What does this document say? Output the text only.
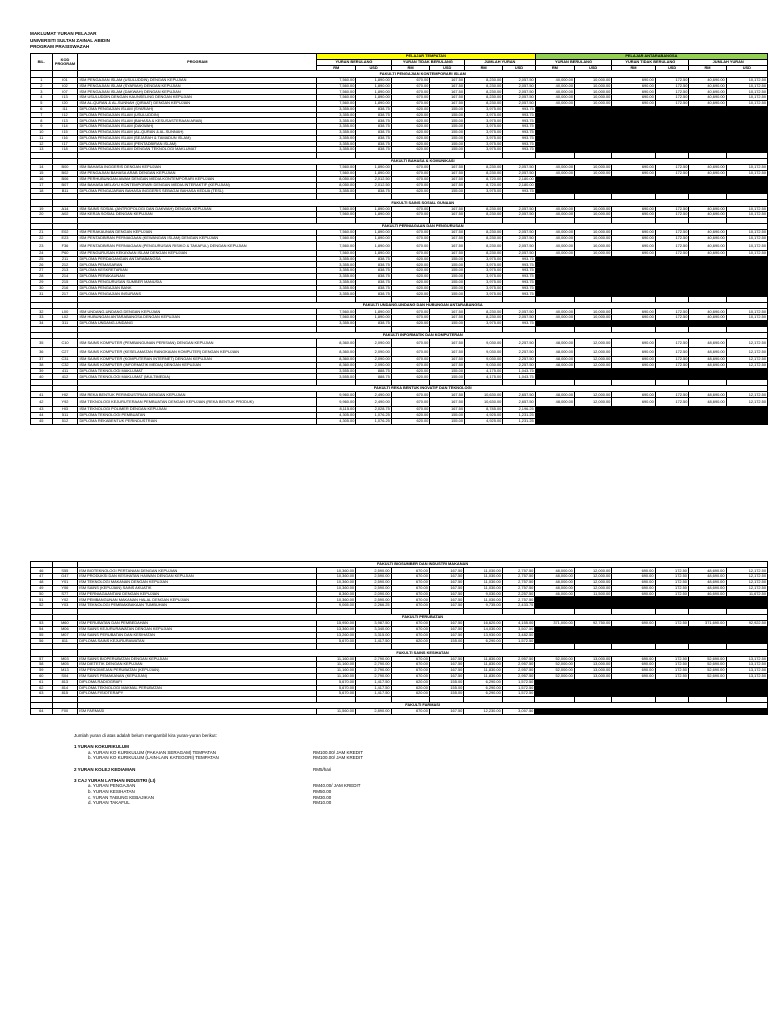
MAKLUMAT YURAN PELAJAR
UNIVERSITI SULTAN ZAINAL ABIDIN
PROGRAM PRASISWAZAH
BIL.	KOD PROGRAM	PROGRAM	PELAJAR TEMPATAN						PELAJAR ANTARABANGSA					
			YURAN BERULANG		YURAN TIDAK BERULANG		JUMLAH YURAN		YURAN BERULANG		YURAN TIDAK BERULANG		JUMLAH YURAN	
			RM	USD	RM	USD	RM	USD	RM	USD	RM	USD	RM	USD
		FAKULTI PENGAJIAN KONTEMPORARI ISLAM												
1	I01	ISM PENGAJIAN ISLAM (USULUDDIN) DENGAN KEPUJIAN	7,560.00	1,890.00	670.00	167.50	8,230.00	2,057.50	40,000.00	10,000.00	690.00	172.50	40,690.00	10,172.50
2	I02	ISM PENGAJIAN ISLAM (SYARIAH) DENGAN KEPUJIAN	7,560.00	1,890.00	670.00	167.50	8,230.00	2,057.50	40,000.00	10,000.00	690.00	172.50	40,690.00	10,172.50
3	I07	ISM PENGAJIAN ISLAM (DAKWAH) DENGAN KEPUJIAN	7,560.00	1,890.00	670.00	167.50	8,230.00	2,057.50	40,000.00	10,000.00	690.00	172.50	40,690.00	10,172.50
4	I13	ISM USULUDDIN DENGAN KAUNSELING DENGAN KEPUJIAN	7,560.00	1,890.00	670.00	167.50	8,230.00	2,057.50	40,000.00	10,000.00	690.00	172.50	40,690.00	10,172.50
5	I20	ISM AL-QURAN & AL-SUNNAH (QIRAAT) DENGAN KEPUJIAN	7,560.00	1,890.00	670.00	167.50	8,230.00	2,057.50	40,000.00	10,000.00	690.00	172.50	40,690.00	10,172.50
6	I11	DIPLOMA PENGAJIAN ISLAM (SYARIAH)	3,355.00	838.75	620.00	155.00	3,975.00	993.75						
7	I12	DIPLOMA PENGAJIAN ISLAM (USULUDDIN)	3,355.00	838.75	620.00	155.00	3,975.00	993.75						
8	I13	DIPLOMA PENGAJIAN ISLAM (BAHASA & KESUSASTERAAN ARAB)	3,355.00	838.75	620.00	155.00	3,975.00	993.75						
9	I14	DIPLOMA PENGAJIAN ISLAM (DAKWAH)	3,355.00	838.75	620.00	155.00	3,975.00	993.75						
10	I15	DIPLOMA PENGAJIAN ISLAM (AL-QURAN & AL-SUNNAH)	3,355.00	838.75	620.00	155.00	3,975.00	993.75						
11	I16	DIPLOMA PENGAJIAN ISLAM (SEJARAH & TAMADUN ISLAM)	3,355.00	838.75	620.00	155.00	3,975.00	993.75						
12	I17	DIPLOMA PENGAJIAN ISLAM (PENTADBIRAN ISLAM)	3,355.00	838.75	620.00	155.00	3,975.00	993.75						
13	I18	DIPLOMA PENGAJIAN ISLAM DENGAN TEKNOLOGI MAKLUMAT	3,355.00	838.75	620.00	155.00	3,975.00	993.75						

		FAKULTI BAHASA & KOMUNIKASI												
14	B00	ISM BAHASA INGGERIS DENGAN KEPUJIAN	7,560.00	1,890.00	670.00	167.50	8,230.00	2,057.50	40,000.00	10,000.00	690.00	172.50	40,690.00	10,172.50
15	B02	ISM PENGAJIAN BAHASA ARAB DENGAN KEPUJIAN	7,560.00	1,890.00	670.00	167.50	8,230.00	2,057.50	40,000.00	10,000.00	690.00	172.50	40,690.00	10,172.50
16	B06	ISM PERHUBUNGAN AWAM DENGAN MEDIA KONTEMPORARI KEPUJIAN	8,050.00	2,012.50	670.00	167.50	8,720.00	2,180.00						
17	B07	ISM BAHASA MELAYU KONTEMPORARI DENGAN MEDIA INTERAKTIF (KEPUJIAN)	8,050.00	2,012.50	670.00	167.50	8,720.00	2,180.00						
18	B11	DIPLOMA PENGAJARAN BAHASA INGGERIS SEBAGAI BAHASA KEDUA (TESL)	3,355.00	838.75	620.00	155.00	3,975.00	993.75						

		FAKULTI SAINS SOSIAL GUNAAN												
19	A14	ISM SAINS SOSIAL (ANTROPOLOGI DAN DAKWAH) DENGAN KEPUJIAN	7,560.00	1,890.00	670.00	167.50	8,230.00	2,057.50	40,000.00	10,000.00	690.00	172.50	40,690.00	10,172.50
20	A02	ISM KERJA SOSIAL DENGAN KEPUJIAN	7,560.00	1,890.00	670.00	167.50	8,230.00	2,057.50	40,000.00	10,000.00	690.00	172.50	40,690.00	10,172.50

		FAKULTI PERNIAGAAN DAN PENGURUSAN												
21	E02	ISM PERAKAUNAN DENGAN KEPUJIAN	7,560.00	1,890.00	670.00	167.50	8,230.00	2,057.50	40,000.00	10,000.00	690.00	172.50	40,690.00	10,172.50
22	E23	ISM PENTADBIRAN PERNIAGAAN (KEWANGAN ISLAM) DENGAN KEPUJIAN	7,560.00	1,890.00	670.00	167.50	8,230.00	2,057.50	40,000.00	10,000.00	690.00	172.50	40,690.00	10,172.50
23	F36	ISM PENTADBIRAN PERNIAGAAN (PENGURUSAN RISIKO & TAKAFUL) DENGAN KEPUJIAN	7,560.00	1,890.00	670.00	167.50	8,230.00	2,057.50	40,000.00	10,000.00	690.00	172.50	40,690.00	10,172.50
24	P60	ISM PENGURUSAN KEKAYAAN ISLAM DENGAN KEPUJIAN	7,560.00	1,890.00	670.00	167.50	8,230.00	2,057.50	40,000.00	10,000.00	690.00	172.50	40,690.00	10,172.50
25	211	DIPLOMA PERDAGANGAN ANTARABANGSA	3,355.00	838.75	620.00	155.00	3,975.00	993.75						
26	212	DIPLOMA PEMASARAN	3,355.00	838.75	620.00	155.00	3,975.00	993.75						
27	213	DIPLOMA KESKRETARIAN	3,355.00	838.75	620.00	155.00	3,975.00	993.75						
28	214	DIPLOMA PERAKAUNAN	3,355.00	838.75	620.00	155.00	3,975.00	993.75						
29	215	DIPLOMA PENGURUSAN SUMBER MANUSIA	3,355.00	838.75	620.00	155.00	3,975.00	993.75						
30	216	DIPLOMA PENGAJIAN BANK	3,355.00	838.75	620.00	155.00	3,975.00	993.75						
31	217	DIPLOMA PENGAJIAN INSURANS	3,355.00	838.75	620.00	155.00	3,975.00	993.75						

		FAKULTI UNDANG-UNDANG DAN HUBUNGAN ANTARABANGSA												
32	L00	ISM UNDANG-UNDANG DENGAN KEPUJIAN	7,560.00	1,890.00	670.00	167.50	8,230.00	2,057.50	40,000.00	10,000.00	690.00	172.50	40,690.00	10,172.50
33	L02	ISM HUBUNGAN ANTARABANGSA DENGAN KEPUJIAN	7,560.00	1,890.00	670.00	167.50	8,230.00	2,057.50	40,000.00	10,000.00	690.00	172.50	40,690.00	10,172.50
34	311	DIPLOMA UNDANG-UNDANG	3,355.00	838.75	620.00	155.00	3,975.00	993.75						

		FAKULTI INFORMATIK DAN KOMPUTERAN												
35	C10	ISM SAINS KOMPUTER (PEMBANGUNAN PERISIAN) DENGAN KEPUJIAN	8,360.00	2,090.00	670.00	167.50	9,030.00	2,257.50	48,000.00	12,000.00	690.00	172.50	48,690.00	12,172.50
36	C27	ISM SAINS KOMPUTER (KESELAMATAN RANGKAIAN KOMPUTER) DENGAN KEPUJIAN	8,360.00	2,090.00	670.00	167.50	9,030.00	2,257.50	48,000.00	12,000.00	690.00	172.50	48,690.00	12,172.50
37	C31	ISM SAINS KOMPUTER (KOMPUTERAN INTERNET) DENGAN KEPUJIAN	8,360.00	2,090.00	670.00	167.50	9,030.00	2,257.50	48,000.00	12,000.00	690.00	172.50	48,690.00	12,172.50
38	C32	ISM SAINS KOMPUTER (INFORMATIK MEDIA) DENGAN KEPUJIAN	8,360.00	2,090.00	670.00	167.50	9,030.00	2,257.50	48,000.00	12,000.00	690.00	172.50	48,690.00	12,172.50
39	411	DIPLOMA TEKNOLOGI MAKLUMAT	3,555.00	888.75	620.00	155.00	4,175.00	1,043.75						
40	412	DIPLOMA TEKNOLOGI MAKLUMAT (MULTIMEDIA)	3,555.00	888.75	620.00	155.00	4,175.00	1,043.75						

		FAKULTI REKA BENTUK INOVATIF DAN TEKNOLOGI												
41	HI2	ISM REKA BENTUK PERINDUSTRIAN DENGAN KEPUJIAN	9,960.00	2,490.00	670.00	167.50	10,630.00	2,657.50	48,000.00	12,000.00	690.00	172.50	48,690.00	12,172.50
42	Y92	ISM TEKNOLOGI KEJURUTERAAN PEMBUATAN DENGAN KEPUJIAN (REKA BENTUK PRODUK)	9,960.00	2,490.00	670.00	167.50	10,630.00	2,657.50	48,000.00	12,000.00	690.00	172.50	48,690.00	12,172.50
43	HI3	ISM TEKNOLOGI POLIMER DENGAN KEPUJIAN	8,115.00	2,028.75	670.00	167.50	8,785.00	2,196.25						
44	511	DIPLOMA TEKNOLOGI PEMBUATAN	4,305.00	1,076.25	620.00	155.00	4,925.00	1,231.25						
45	512	DIPLOMA REKABENTUK PERINDUSTRIAN	4,305.00	1,076.25	620.00	155.00	4,925.00	1,231.25						
		FAKULTI BIOSUMBER DAN INDUSTRI MAKANAN												
46	S55	ISM BIOTEKNOLOGI PERTANIAN DENGAN KEPUJIAN	10,360.00	2,590.00	670.00	167.50	11,030.00	2,757.50	48,000.00	12,000.00	690.00	172.50	48,690.00	12,172.50
47	G47	ISM PRODUKSI DAN KESIHATAN HAIWAN DENGAN KEPUJIAN	10,360.00	2,590.00	670.00	167.50	11,030.00	2,757.50	48,000.00	12,000.00	690.00	172.50	48,690.00	12,172.50
48	Y01	ISM TEKNOLOGI MAKANAN DENGAN KEPUJIAN	10,360.00	2,590.00	670.00	167.50	11,030.00	2,757.50	48,000.00	12,000.00	690.00	172.50	48,690.00	12,172.50
49	Y06	ISM SAINS (KEPUJIAN) SAINS AKUATIK	10,360.00	2,590.00	670.00	167.50	11,030.00	2,757.50	48,000.00	12,000.00	690.00	172.50	48,690.00	12,172.50
50	S77	ISM PERNIAGAANTANI DENGAN KEPUJIAN	8,360.00	2,090.00	670.00	167.50	9,030.00	2,257.50	46,000.00	11,500.00	690.00	172.50	46,690.00	11,672.50
51	Y02	ISM PEMBANGUNAN MAKANAN HALAL DENGAN KEPUJIAN	10,360.00	2,590.00	670.00	167.50	11,030.00	2,757.50						
52	Y03	ISM TEKNOLOGI PEMBIAKBAKAAN TUMBUHAN	9,065.00	2,266.25	670.00	167.50	9,735.00	2,433.75						

		FAKULTI PERUBATAN												
53	M60	ISM PERUBATAN DAN PEMBEDAHAN	15,950.00	3,987.50	670.00	167.50	16,620.00	4,155.00	371,000.00	92,750.00	690.00	172.50	371,690.00	92,922.50
54	M06	ISM SAINS KEJURURAWATAN DENGAN KEPUJIAN	13,360.00	3,340.00	670.00	167.50	14,030.00	3,507.50						
55	M07	ISM SAINS PERUBATAN DAN KESIHATAN	13,260.00	3,315.00	670.00	167.50	13,930.00	3,482.50						
56	811	DIPLOMA SAINS KEJURURAWATAN	5,670.00	1,417.50	620.00	155.00	6,290.00	1,572.50						

		FAKULTI SAINS KESIHATAN												
57	M03	ISM SAINS BIOPERUBATAN DENGAN KEPUJIAN	11,160.00	2,790.00	670.00	167.50	11,830.00	2,957.50	52,000.00	13,000.00	690.00	172.50	52,690.00	13,172.50
58	M05	ISM DIETETIK DENGAN KEPUJIAN	11,160.00	2,790.00	670.00	167.50	11,830.00	2,957.50	52,000.00	13,000.00	690.00	172.50	52,690.00	13,172.50
59	M13	ISM PENGIMEJAN PERUBATAN (KEPUJIAN)	11,160.00	2,790.00	670.00	167.50	11,830.00	2,957.50	52,000.00	13,000.00	690.00	172.50	52,690.00	13,172.50
60	S04	ISM SAINS PEMAKANAN (KEPUJIAN)	11,160.00	2,790.00	670.00	167.50	11,830.00	2,957.50	52,000.00	13,000.00	690.00	172.50	52,690.00	13,172.50
61	813	DIPLOMA RADIOGRAFI	5,670.00	1,417.50	620.00	155.00	6,290.00	1,572.50						
62	814	DIPLOMA TEKNOLOGI MAKMAL PERUBATAN	5,670.00	1,417.50	620.00	155.00	6,290.00	1,572.50						
63	815	DIPLOMA FISIOTERAPY	5,670.00	1,417.50	620.00	155.00	6,290.00	1,572.50						

		FAKULTI FARMASI												
64	F00	ISM FARMASI	11,560.00	2,890.00	670.00	167.50	12,230.00	3,057.50						
Jumlah yuran di atas adalah belum mengambil kira yuran-yuran berikut:
1 YURAN KOKURIKULUM
a. YURAN KO KURIKULUM (PAKAIAN SERAGAM) TEMPATAN	RM100.00/ JAM KREDIT
b. YURAN KO KURIKULUM (LAIN-LAIN KATEGORI) TEMPATAN	RM100.00/ JAM KREDIT
2 YURAN KOLEJ KEDIAMAN	RM5/hari
3 CAJ YURAN LATIHAN INDUSTRI (LI)
a. YURAN PENGAJIAN	RM40.00/ JAM KREDIT
b. YURAN KESIHATAN	RM50.00
c. YURAN TABUNG KEBAJIKAN	RM30.00
d. YURAN TAKAFUL	RM10.00
